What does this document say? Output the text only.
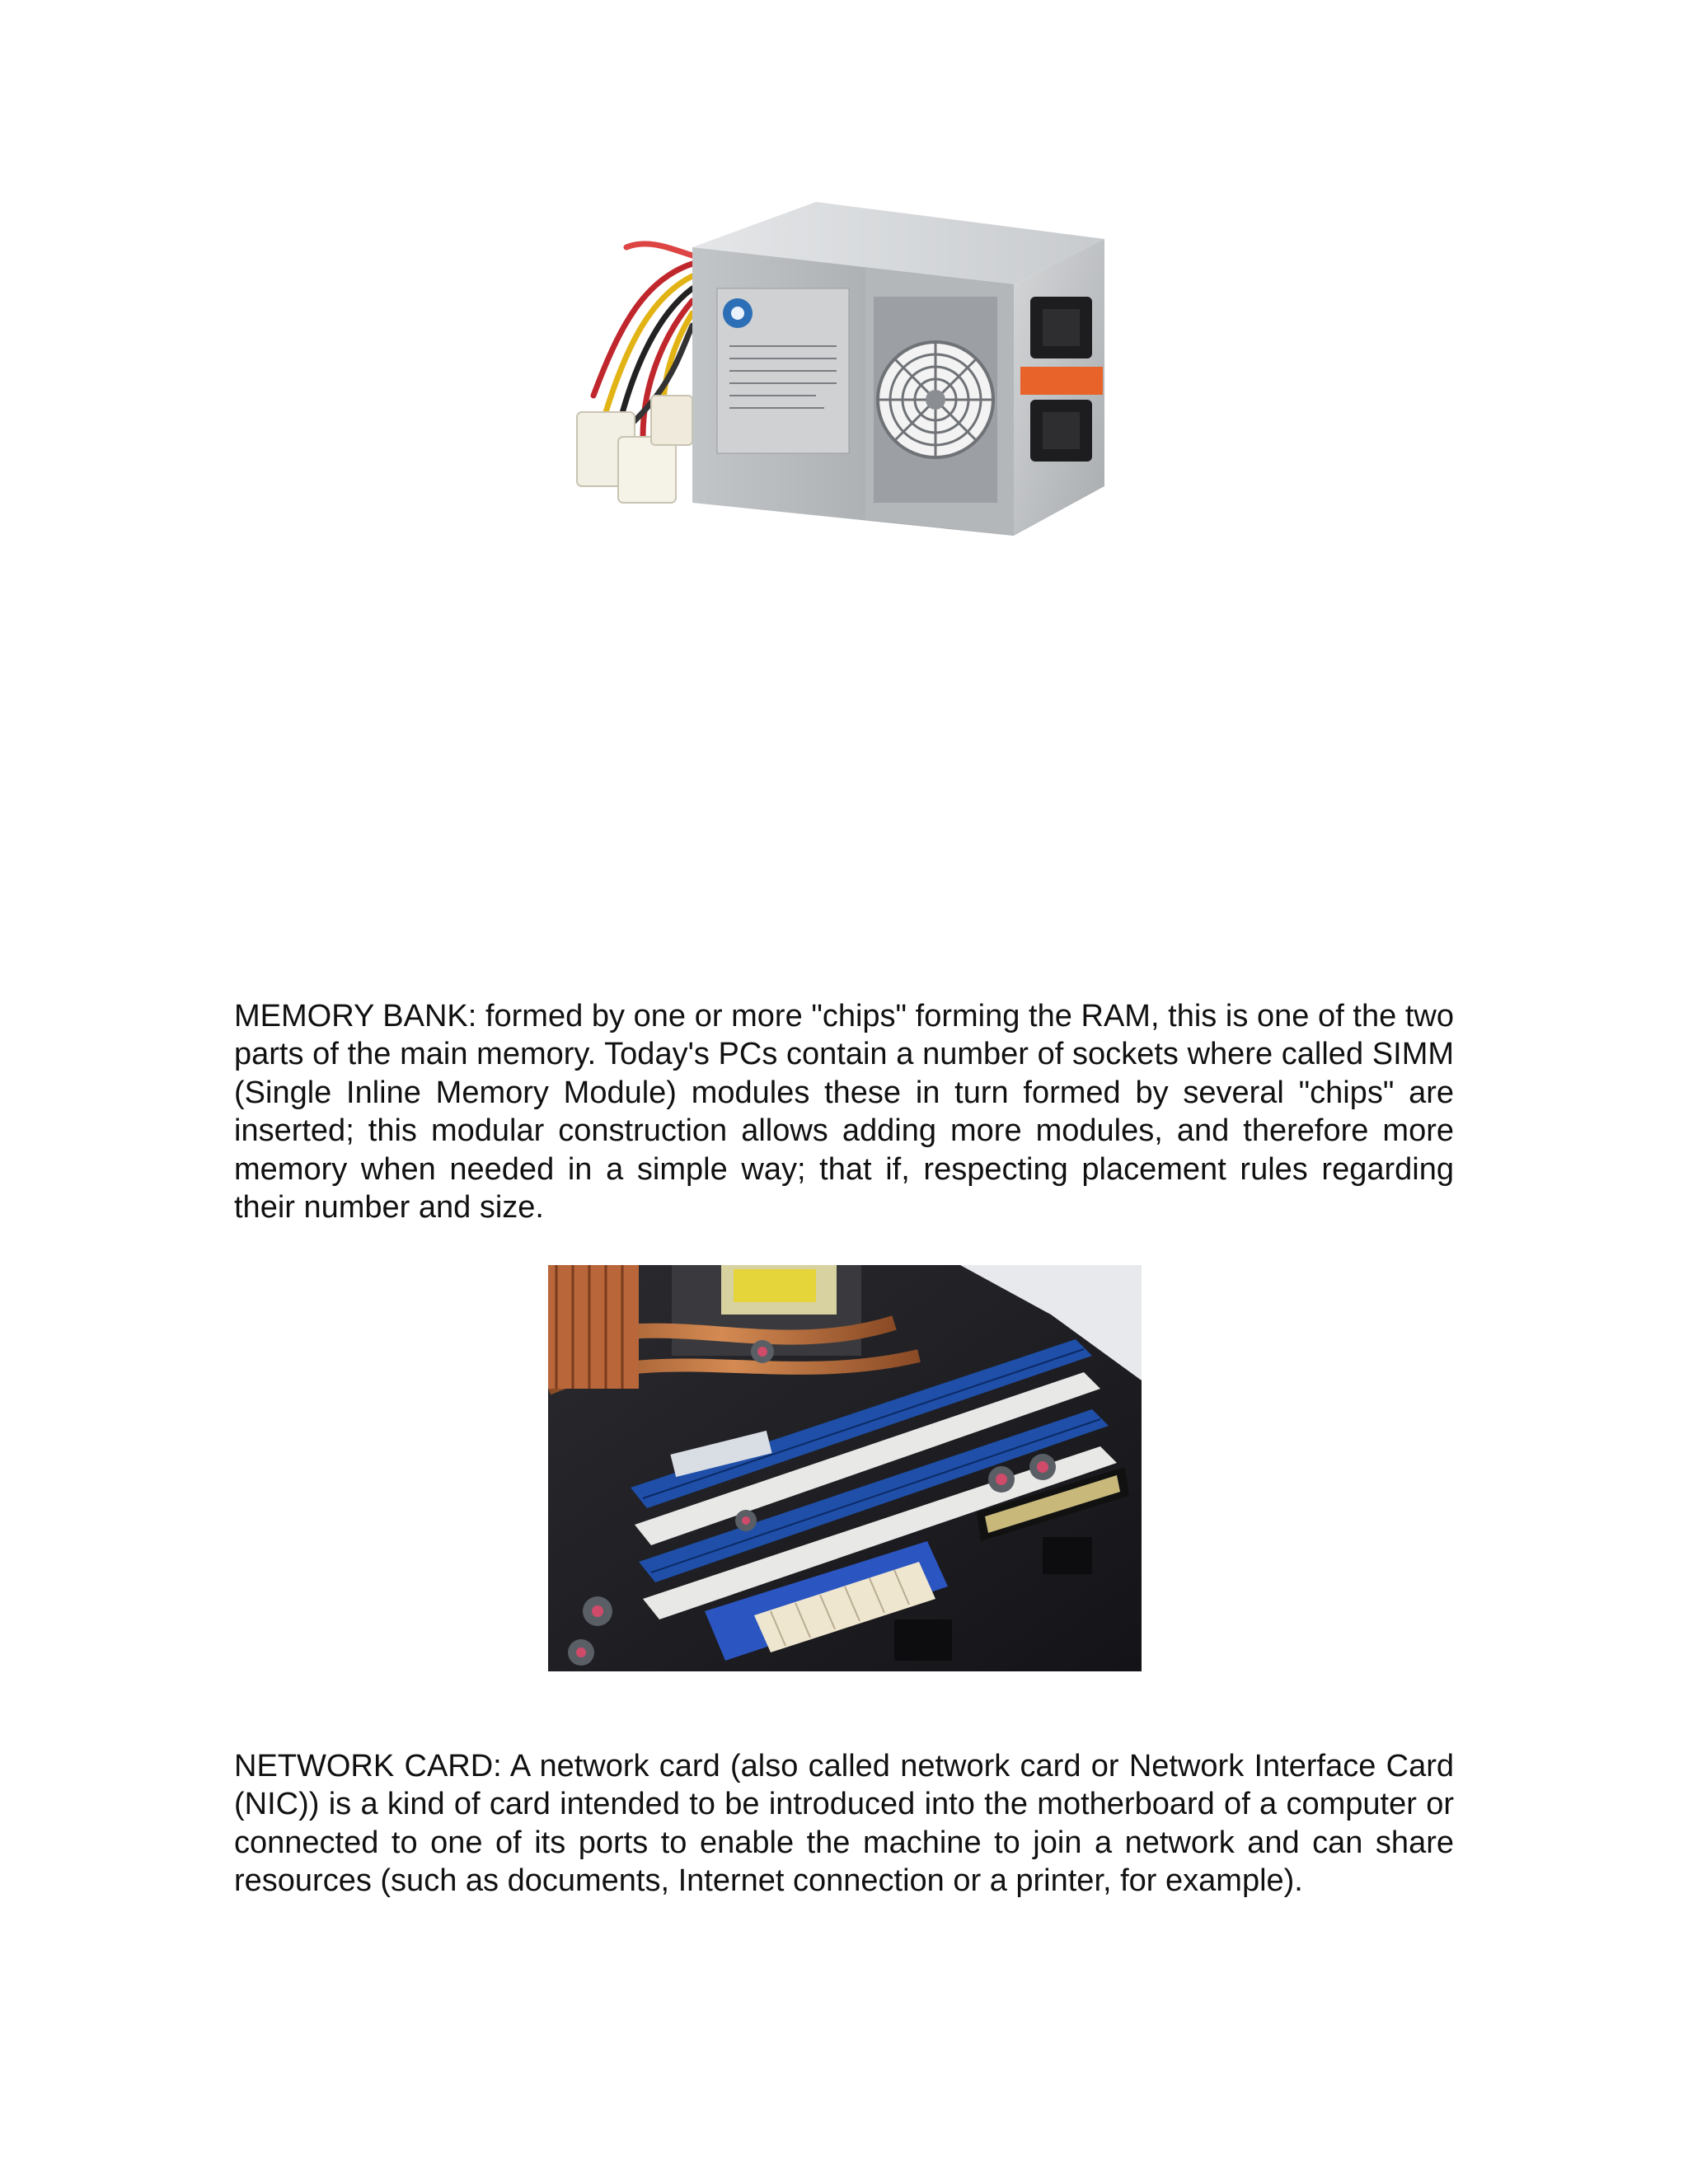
MEMORY BANK: formed by one or more "chips" forming the RAM, this is one of the two parts of the main memory. Today's PCs contain a number of sockets where called SIMM (Single Inline Memory Module) modules these in turn formed by several "chips" are inserted; this modular construction allows adding more modules, and therefore more memory when needed in a simple way; that if, respecting placement rules regarding their number and size.

NETWORK CARD: A network card (also called network card or Network Interface Card (NIC)) is a kind of card intended to be introduced into the motherboard of a computer or connected to one of its ports to enable the machine to join a network and can share resources (such as documents, Internet connection or a printer, for example).
